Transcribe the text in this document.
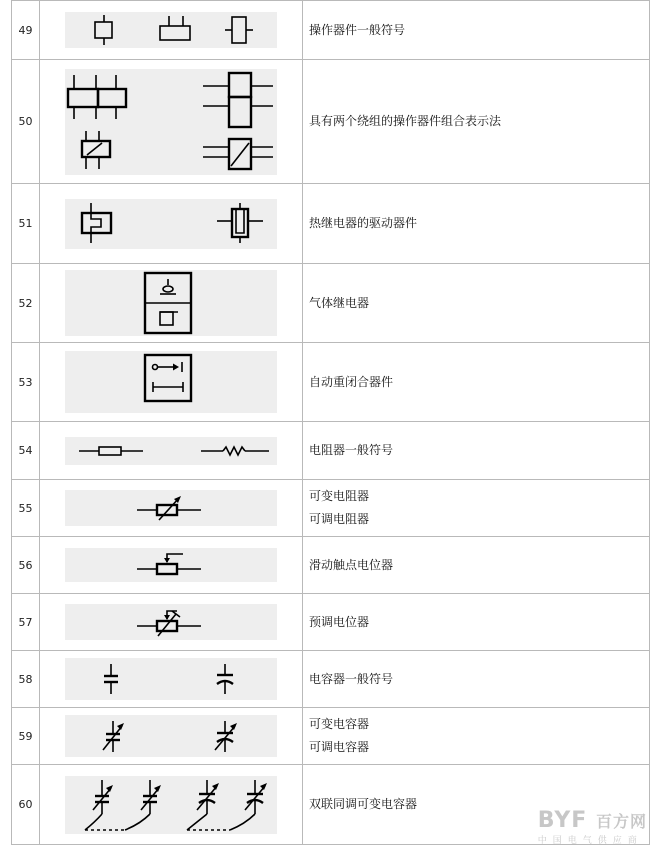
49		操作器件一般符号

50		具有两个绕组的操作器件组合表示法

51		热继电器的驱动器件

52		气体继电器

53		自动重闭合器件

54		电阻器一般符号

55		可变电阻器
可调电阻器

56		滑动触点电位器

57		预调电位器

58		电容器一般符号

59		可变电容器
可调电容器

60		双联同调可变电容器
BYF 百方网
中国电气供应商
